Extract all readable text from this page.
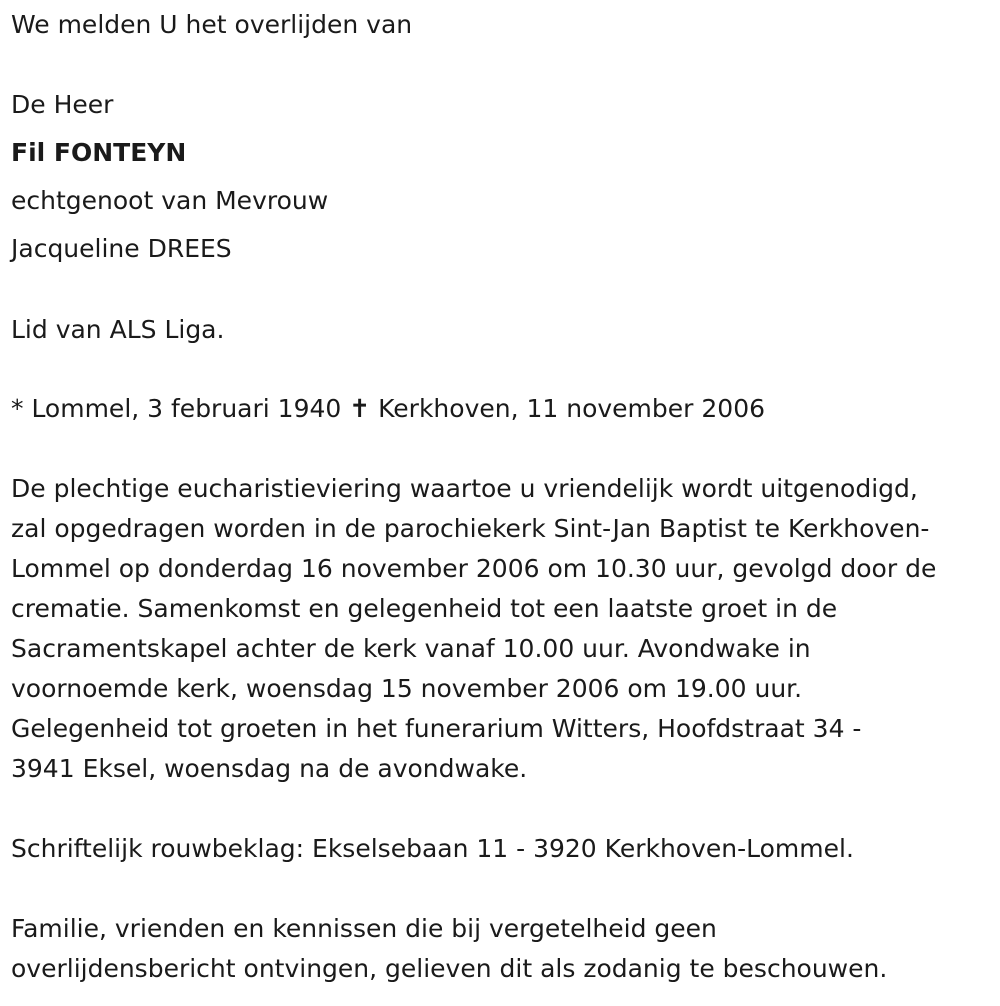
We melden U het overlijden van
De Heer
Fil FONTEYN
echtgenoot van Mevrouw
Jacqueline DREES
Lid van ALS Liga.
* Lommel, 3 februari 1940 ✝ Kerkhoven, 11 november 2006
De plechtige eucharistieviering waartoe u vriendelijk wordt uitgenodigd,
zal opgedragen worden in de parochiekerk Sint-Jan Baptist te Kerkhoven-
Lommel op donderdag 16 november 2006 om 10.30 uur, gevolgd door de
crematie. Samenkomst en gelegenheid tot een laatste groet in de
Sacramentskapel achter de kerk vanaf 10.00 uur. Avondwake in
voornoemde kerk, woensdag 15 november 2006 om 19.00 uur.
Gelegenheid tot groeten in het funerarium Witters, Hoofdstraat 34 -
3941 Eksel, woensdag na de avondwake.
Schriftelijk rouwbeklag: Ekselsebaan 11 - 3920 Kerkhoven-Lommel.
Familie, vrienden en kennissen die bij vergetelheid geen
overlijdensbericht ontvingen, gelieven dit als zodanig te beschouwen.
